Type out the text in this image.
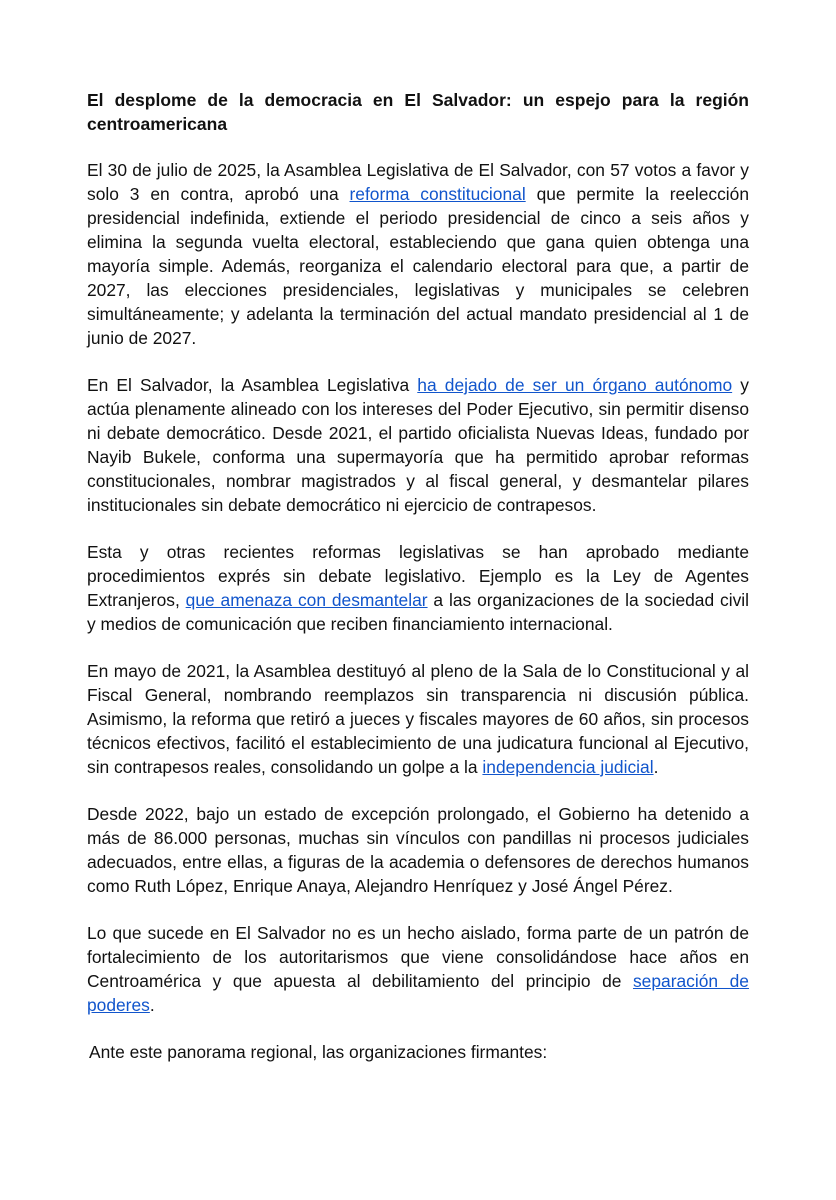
El desplome de la democracia en El Salvador: un espejo para la región centroamericana

El 30 de julio de 2025, la Asamblea Legislativa de El Salvador, con 57 votos a favor y solo 3 en contra, aprobó una reforma constitucional que permite la reelección presidencial indefinida, extiende el periodo presidencial de cinco a seis años y elimina la segunda vuelta electoral, estableciendo que gana quien obtenga una mayoría simple. Además, reorganiza el calendario electoral para que, a partir de 2027, las elecciones presidenciales, legislativas y municipales se celebren simultáneamente; y adelanta la terminación del actual mandato presidencial al 1 de junio de 2027.

En El Salvador, la Asamblea Legislativa ha dejado de ser un órgano autónomo y actúa plenamente alineado con los intereses del Poder Ejecutivo, sin permitir disenso ni debate democrático. Desde 2021, el partido oficialista Nuevas Ideas, fundado por Nayib Bukele, conforma una supermayoría que ha permitido aprobar reformas constitucionales, nombrar magistrados y al fiscal general, y desmantelar pilares institucionales sin debate democrático ni ejercicio de contrapesos.

Esta y otras recientes reformas legislativas se han aprobado mediante procedimientos exprés sin debate legislativo. Ejemplo es la Ley de Agentes Extranjeros, que amenaza con desmantelar a las organizaciones de la sociedad civil y medios de comunicación que reciben financiamiento internacional.

En mayo de 2021, la Asamblea destituyó al pleno de la Sala de lo Constitucional y al Fiscal General, nombrando reemplazos sin transparencia ni discusión pública. Asimismo, la reforma que retiró a jueces y fiscales mayores de 60 años, sin procesos técnicos efectivos, facilitó el establecimiento de una judicatura funcional al Ejecutivo, sin contrapesos reales, consolidando un golpe a la independencia judicial.

Desde 2022, bajo un estado de excepción prolongado, el Gobierno ha detenido a más de 86.000 personas, muchas sin vínculos con pandillas ni procesos judiciales adecuados, entre ellas, a figuras de la academia o defensores de derechos humanos como Ruth López, Enrique Anaya, Alejandro Henríquez y José Ángel Pérez.

Lo que sucede en El Salvador no es un hecho aislado, forma parte de un patrón de fortalecimiento de los autoritarismos que viene consolidándose hace años en Centroamérica y que apuesta al debilitamiento del principio de separación de poderes.

Ante este panorama regional, las organizaciones firmantes:
